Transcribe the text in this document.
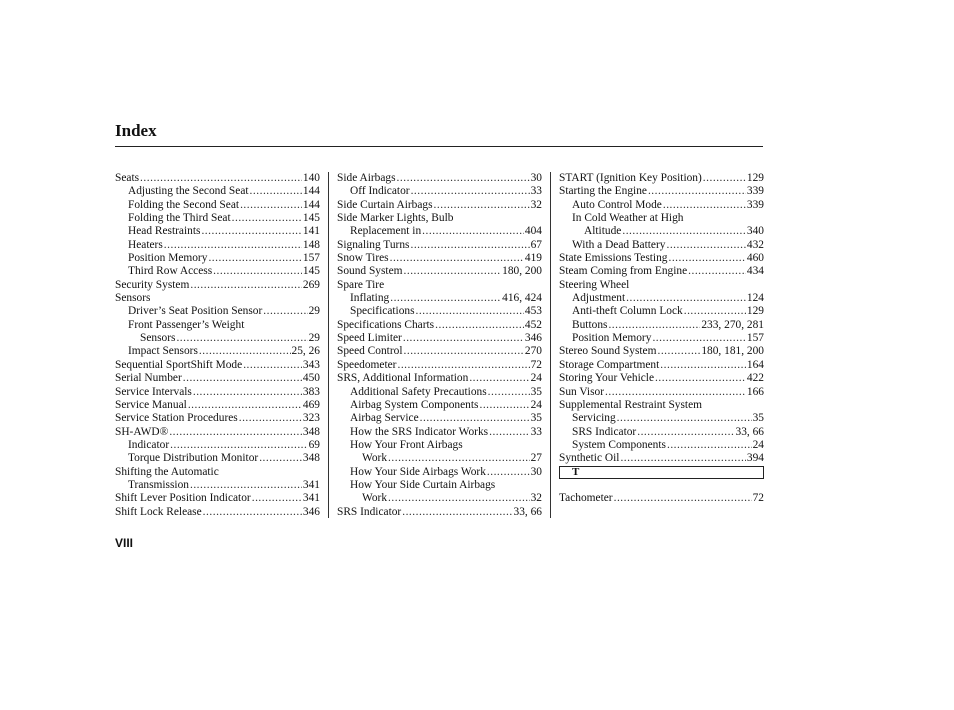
Index
Seats .....	140
Adjusting the Second Seat .....	144
Folding the Second Seat .....	144
Folding the Third Seat .....	145
Head Restraints .....	141
Heaters .....	148
Position Memory .....	157
Third Row Access .....	145
Security System .....	269
Sensors
Driver’s Seat Position Sensor .....	29
Front Passenger’s Weight
Sensors .....	29
Impact Sensors .....	25, 26
Sequential SportShift Mode .....	343
Serial Number .....	450
Service Intervals .....	383
Service Manual .....	469
Service Station Procedures .....	323
SH-AWD® .....	348
Indicator .....	69
Torque Distribution Monitor .....	348
Shifting the Automatic
Transmission .....	341
Shift Lever Position Indicator .....	341
Shift Lock Release .....	346
Side Airbags .....	30
Off Indicator .....	33
Side Curtain Airbags .....	32
Side Marker Lights, Bulb
Replacement in .....	404
Signaling Turns .....	67
Snow Tires .....	419
Sound System .....	180, 200
Spare Tire
Inflating .....	416, 424
Specifications .....	453
Specifications Charts .....	452
Speed Limiter .....	346
Speed Control .....	270
Speedometer .....	72
SRS, Additional Information .....	24
Additional Safety Precautions .....	35
Airbag System Components .....	24
Airbag Service .....	35
How the SRS Indicator Works .....	33
How Your Front Airbags
Work .....	27
How Your Side Airbags Work .....	30
How Your Side Curtain Airbags
Work .....	32
SRS Indicator .....	33, 66
START (Ignition Key Position) .....	129
Starting the Engine .....	339
Auto Control Mode .....	339
In Cold Weather at High
Altitude .....	340
With a Dead Battery .....	432
State Emissions Testing .....	460
Steam Coming from Engine .....	434
Steering Wheel
Adjustment .....	124
Anti-theft Column Lock .....	129
Buttons .....	233, 270, 281
Position Memory .....	157
Stereo Sound System .....	180, 181, 200
Storage Compartment .....	164
Storing Your Vehicle .....	422
Sun Visor .....	166
Supplemental Restraint System
Servicing .....	35
SRS Indicator .....	33, 66
System Components .....	24
Synthetic Oil .....	394
T
Tachometer .....	72

VIII
